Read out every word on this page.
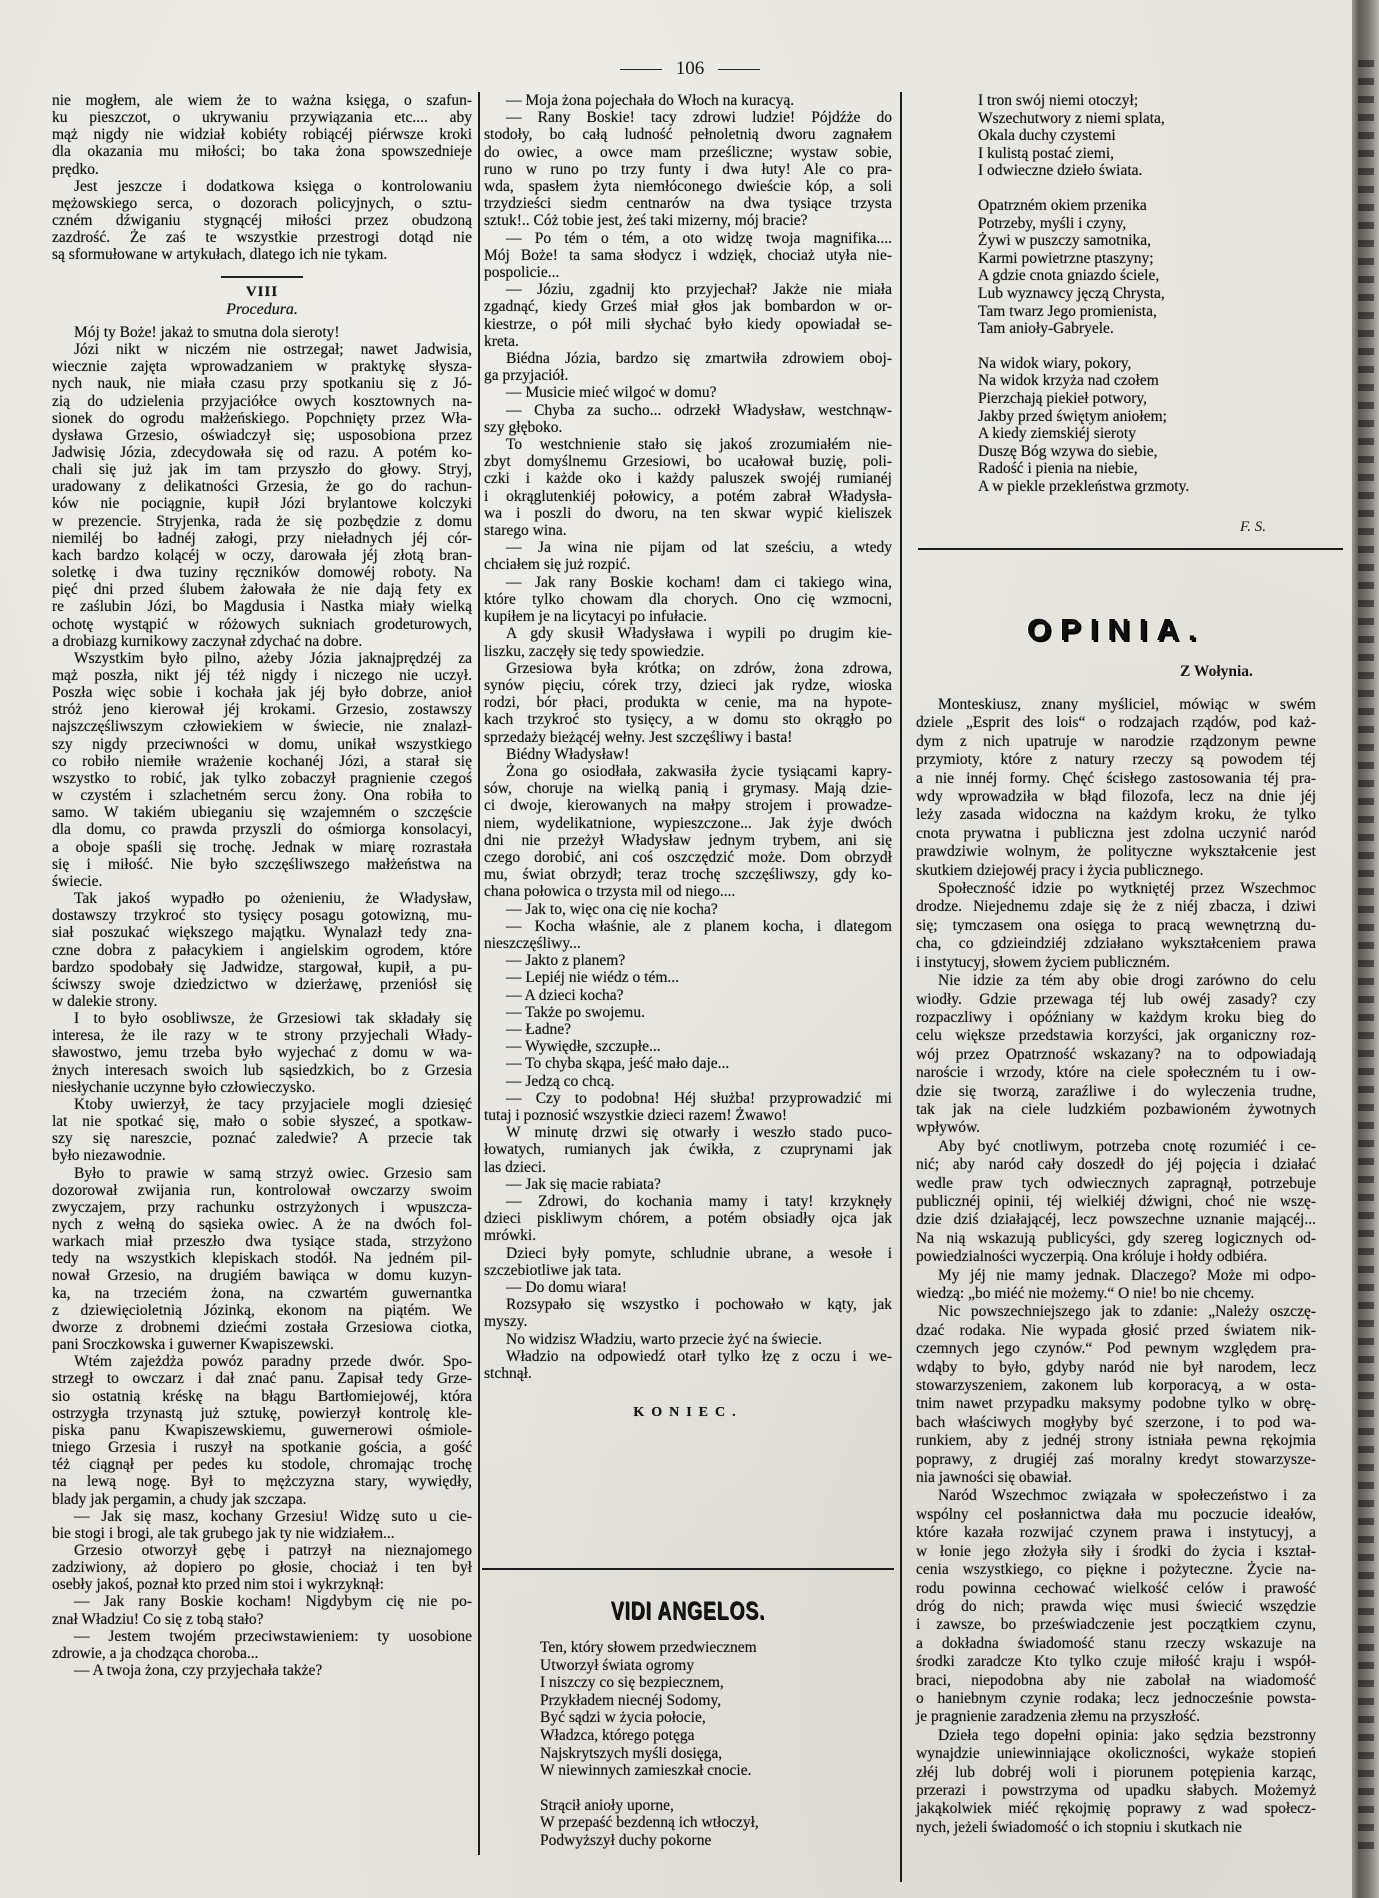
106
nie mogłem, ale wiem że to ważna księga, o szafun-
ku pieszczot, o ukrywaniu przywiązania etc.... aby
mąż nigdy nie widział kobiéty robiącéj piérwsze kroki
dla okazania mu miłości; bo taka żona spowszednieje
prędko.
Jest jeszcze i dodatkowa księga o kontrolowaniu
mężowskiego serca, o dozorach policyjnych, o sztu-
czném dźwiganiu stygnącéj miłości przez obudzoną
zazdrość. Że zaś te wszystkie przestrogi dotąd nie
są sformułowane w artykułach, dlatego ich nie tykam.
VIII
Procedura.
Mój ty Boże! jakaż to smutna dola sieroty!
Józi nikt w niczém nie ostrzegał; nawet Jadwisia,
wiecznie zajęta wprowadzaniem w praktykę słysza-
nych nauk, nie miała czasu przy spotkaniu się z Jó-
zią do udzielenia przyjaciółce owych kosztownych na-
sionek do ogrodu małżeńskiego. Popchnięty przez Wła-
dysława Grzesio, oświadczył się; usposobiona przez
Jadwisię Józia, zdecydowała się od razu. A potém ko-
chali się już jak im tam przyszło do głowy. Stryj,
uradowany z delikatności Grzesia, że go do rachun-
ków nie pociągnie, kupił Józi brylantowe kolczyki
w prezencie. Stryjenka, rada że się pozbędzie z domu
niemiléj bo ładnéj załogi, przy nieładnych jéj cór-
kach bardzo kolącéj w oczy, darowała jéj złotą bran-
soletkę i dwa tuziny ręczników domowéj roboty. Na
pięć dni przed ślubem żałowała że nie dają fety ex
re zaślubin Józi, bo Magdusia i Nastka miały wielką
ochotę wystąpić w różowych sukniach grodeturowych,
a drobiazg kurnikowy zaczynał zdychać na dobre.
Wszystkim było pilno, ażeby Józia jaknajprędzéj za
mąż poszła, nikt jéj téż nigdy i niczego nie uczył.
Poszła więc sobie i kochała jak jéj było dobrze, anioł
stróż jeno kierował jéj krokami. Grzesio, zostawszy
najszczęśliwszym człowiekiem w świecie, nie znalazł-
szy nigdy przeciwności w domu, unikał wszystkiego
co robiło niemiłe wrażenie kochanéj Józi, a starał się
wszystko to robić, jak tylko zobaczył pragnienie czegoś
w czystém i szlachetném sercu żony. Ona robiła to
samo. W takiém ubieganiu się wzajemném o szczęście
dla domu, co prawda przyszli do ośmiorga konsolacyi,
a oboje spaśli się trochę. Jednak w miarę rozrastała
się i miłość. Nie było szczęśliwszego małżeństwa na
świecie.
Tak jakoś wypadło po ożenieniu, że Władysław,
dostawszy trzykroć sto tysięcy posagu gotowizną, mu-
siał poszukać większego majątku. Wynalazł tedy zna-
czne dobra z pałacykiem i angielskim ogrodem, które
bardzo spodobały się Jadwidze, stargował, kupił, a pu-
ściwszy swoje dziedzictwo w dzierżawę, przeniósł się
w dalekie strony.
I to było osobliwsze, że Grzesiowi tak składały się
interesa, że ile razy w te strony przyjechali Włady-
sławostwo, jemu trzeba było wyjechać z domu w wa-
żnych interesach swoich lub sąsiedzkich, bo z Grzesia
niesłychanie uczynne było człowieczysko.
Ktoby uwierzył, że tacy przyjaciele mogli dziesięć
lat nie spotkać się, mało o sobie słyszeć, a spotkaw-
szy się nareszcie, poznać zaledwie? A przecie tak
było niezawodnie.
Było to prawie w samą strzyż owiec. Grzesio sam
dozorował zwijania run, kontrolował owczarzy swoim
zwyczajem, przy rachunku ostrzyżonych i wpuszcza-
nych z wełną do sąsieka owiec. A że na dwóch fol-
warkach miał przeszło dwa tysiące stada, strzyżono
tedy na wszystkich klepiskach stodół. Na jedném pil-
nował Grzesio, na drugiém bawiąca w domu kuzyn-
ka, na trzeciém żona, na czwartém guwernantka
z dziewięcioletnią Józinką, ekonom na piątém. We
dworze z drobnemi dziećmi została Grzesiowa ciotka,
pani Sroczkowska i guwerner Kwapiszewski.
Wtém zajeżdża powóz paradny przede dwór. Spo-
strzegł to owczarz i dał znać panu. Zapisał tedy Grze-
sio ostatnią kréskę na błągu Bartłomiejowéj, która
ostrzygła trzynastą już sztukę, powierzył kontrolę kle-
piska panu Kwapiszewskiemu, guwernerowi ośmiole-
tniego Grzesia i ruszył na spotkanie gościa, a gość
téż ciągnął per pedes ku stodole, chromając trochę
na lewą nogę. Był to mężczyzna stary, wywiędły,
blady jak pergamin, a chudy jak szczapa.
— Jak się masz, kochany Grzesiu! Widzę suto u cie-
bie stogi i brogi, ale tak grubego jak ty nie widziałem...
Grzesio otworzył gębę i patrzył na nieznajomego
zadziwiony, aż dopiero po głosie, chociaż i ten był
osebły jakoś, poznał kto przed nim stoi i wykrzyknął:
— Jak rany Boskie kocham! Nigdybym cię nie po-
znał Władziu! Co się z tobą stało?
— Jestem twojém przeciwstawieniem: ty uosobione
zdrowie, a ja chodząca choroba...
— A twoja żona, czy przyjechała także?
— Moja żona pojechała do Włoch na kuracyą.
— Rany Boskie! tacy zdrowi ludzie! Pójdźże do
stodoły, bo całą ludność pełnoletnią dworu zagnałem
do owiec, a owce mam prześliczne; wystaw sobie,
runo w runo po trzy funty i dwa łuty! Ale co pra-
wda, spasłem żyta niemłóconego dwieście kóp, a soli
trzydzieści siedm centnarów na dwa tysiące trzysta
sztuk!.. Cóż tobie jest, żeś taki mizerny, mój bracie?
— Po tém o tém, a oto widzę twoja magnifika....
Mój Boże! ta sama słodycz i wdzięk, chociaż utyła nie-
pospolicie...
— Józiu, zgadnij kto przyjechał? Jakże nie miała
zgadnąć, kiedy Grześ miał głos jak bombardon w or-
kiestrze, o pół mili słychać było kiedy opowiadał se-
kreta.
Biédna Józia, bardzo się zmartwiła zdrowiem oboj-
ga przyjaciół.
— Musicie mieć wilgoć w domu?
— Chyba za sucho... odrzekł Władysław, westchnąw-
szy głęboko.
To westchnienie stało się jakoś zrozumiałém nie-
zbyt domyślnemu Grzesiowi, bo ucałował buzię, poli-
czki i każde oko i każdy paluszek swojéj rumianéj
i okrąglutenkiéj połowicy, a potém zabrał Władysła-
wa i poszli do dworu, na ten skwar wypić kieliszek
starego wina.
— Ja wina nie pijam od lat sześciu, a wtedy
chciałem się już rozpić.
— Jak rany Boskie kocham! dam ci takiego wina,
które tylko chowam dla chorych. Ono cię wzmocni,
kupiłem je na licytacyi po infułacie.
A gdy skusił Władysława i wypili po drugim kie-
liszku, zaczęły się tedy spowiedzie.
Grzesiowa była krótka; on zdrów, żona zdrowa,
synów pięciu, córek trzy, dzieci jak rydze, wioska
rodzi, bór płaci, produkta w cenie, ma na hypote-
kach trzykroć sto tysięcy, a w domu sto okrągło po
sprzedaży bieżącéj wełny. Jest szczęśliwy i basta!
Biédny Władysław!
Żona go osiodłała, zakwasiła życie tysiącami kapry-
sów, choruje na wielką panią i grymasy. Mają dzie-
ci dwoje, kierowanych na małpy strojem i prowadze-
niem, wydelikatnione, wypieszczone... Jak żyje dwóch
dni nie przeżył Władysław jednym trybem, ani się
czego dorobić, ani coś oszczędzić może. Dom obrzydł
mu, świat obrzydł; teraz trochę szczęśliwszy, gdy ko-
chana połowica o trzysta mil od niego....
— Jak to, więc ona cię nie kocha?
— Kocha właśnie, ale z planem kocha, i dlategom
nieszczęśliwy...
— Jakto z planem?
— Lepiéj nie wiédz o tém...
— A dzieci kocha?
— Także po swojemu.
— Ładne?
— Wywiędłe, szczupłe...
— To chyba skąpa, jeść mało daje...
— Jedzą co chcą.
— Czy to podobna! Héj służba! przyprowadzić mi
tutaj i poznosić wszystkie dzieci razem! Żwawo!
W minutę drzwi się otwarły i weszło stado puco-
łowatych, rumianych jak ćwikła, z czuprynami jak
las dzieci.
— Jak się macie rabiata?
— Zdrowi, do kochania mamy i taty! krzyknęły
dzieci piskliwym chórem, a potém obsiadły ojca jak
mrówki.
Dzieci były pomyte, schludnie ubrane, a wesołe i
szczebiotliwe jak tata.
— Do domu wiara!
Rozsypało się wszystko i pochowało w kąty, jak
myszy.
No widzisz Władziu, warto przecie żyć na świecie.
Władzio na odpowiedź otarł tylko łzę z oczu i we-
stchnął.
KONIEC.
VIDI ANGELOS.
Ten, który słowem przedwiecznem
Utworzył świata ogromy
I niszczy co się bezpiecznem,
Przykładem niecnéj Sodomy,
Być sądzi w życia połocie,
Władzca, którego potęga
Najskrytszych myśli dosięga,
W niewinnych zamieszkał cnocie.
Strącił anioły uporne,
W przepaść bezdenną ich wtłoczył,
Podwyższył duchy pokorne
I tron swój niemi otoczył;
Wszechutwory z niemi splata,
Okala duchy czystemi
I kulistą postać ziemi,
I odwieczne dzieło świata.
Opatrzném okiem przenika
Potrzeby, myśli i czyny,
Żywi w puszczy samotnika,
Karmi powietrzne ptaszyny;
A gdzie cnota gniazdo ściele,
Lub wyznawcy jęczą Chrysta,
Tam twarz Jego promienista,
Tam anioły-Gabryele.
Na widok wiary, pokory,
Na widok krzyża nad czołem
Pierzchają piekieł potwory,
Jakby przed świętym aniołem;
A kiedy ziemskiéj sieroty
Duszę Bóg wzywa do siebie,
Radość i pienia na niebie,
A w piekle przekleństwa grzmoty.
F. S.
OPINIA.
Z Wołynia.
Monteskiusz, znany myśliciel, mówiąc w swém
dziele „Esprit des lois“ o rodzajach rządów, pod każ-
dym z nich upatruje w narodzie rządzonym pewne
przymioty, które z natury rzeczy są powodem téj
a nie innéj formy. Chęć ścisłego zastosowania téj pra-
wdy wprowadziła w błąd filozofa, lecz na dnie jéj
leży zasada widoczna na każdym kroku, że tylko
cnota prywatna i publiczna jest zdolna uczynić naród
prawdziwie wolnym, że polityczne wykształcenie jest
skutkiem dziejowéj pracy i życia publicznego.
Społeczność idzie po wytkniętéj przez Wszechmoc
drodze. Niejednemu zdaje się że z niéj zbacza, i dziwi
się; tymczasem ona osięga to pracą wewnętrzną du-
cha, co gdzieindziéj zdziałano wykształceniem prawa
i instytucyj, słowem życiem publiczném.
Nie idzie za tém aby obie drogi zarówno do celu
wiodły. Gdzie przewaga téj lub owéj zasady? czy
rozpaczliwy i opóźniany w każdym kroku bieg do
celu większe przedstawia korzyści, jak organiczny roz-
wój przez Opatrzność wskazany? na to odpowiadają
naroście i wrzody, które na ciele społeczném tu i ow-
dzie się tworzą, zaraźliwe i do wyleczenia trudne,
tak jak na ciele ludzkiém pozbawioném żywotnych
wpływów.
Aby być cnotliwym, potrzeba cnotę rozumiéć i ce-
nić; aby naród cały doszedł do jéj pojęcia i działać
wedle praw tych odwiecznych zapragnął, potrzebuje
publicznéj opinii, téj wielkiéj dźwigni, choć nie wszę-
dzie dziś działającéj, lecz powszechne uznanie mającéj...
Na nią wskazują publicyści, gdy szereg logicznych od-
powiedzialności wyczerpią. Ona króluje i hołdy odbiéra.
My jéj nie mamy jednak. Dlaczego? Może mi odpo-
wiedzą: „bo miéć nie możemy.“ O nie! bo nie chcemy.
Nic powszechniejszego jak to zdanie: „Należy oszczę-
dzać rodaka. Nie wypada głosić przed światem nik-
czemnych jego czynów.“ Pod pewnym względem pra-
wdąby to było, gdyby naród nie był narodem, lecz
stowarzyszeniem, zakonem lub korporacyą, a w osta-
tnim nawet przypadku maksymy podobne tylko w obrę-
bach właściwych mogłyby być szerzone, i to pod wa-
runkiem, aby z jednéj strony istniała pewna rękojmia
poprawy, z drugiéj zaś moralny kredyt stowarzysze-
nia jawności się obawiał.
Naród Wszechmoc związała w społeczeństwo i za
wspólny cel posłannictwa dała mu poczucie ideałów,
które kazała rozwijać czynem prawa i instytucyj, a
w łonie jego złożyła siły i środki do życia i kształ-
cenia wszystkiego, co piękne i pożyteczne. Życie na-
rodu powinna cechować wielkość celów i prawość
dróg do nich; prawda więc musi świecić wszędzie
i zawsze, bo przeświadczenie jest początkiem czynu,
a dokładna świadomość stanu rzeczy wskazuje na
środki zaradcze Kto tylko czuje miłość kraju i współ-
braci, niepodobna aby nie zabolał na wiadomość
o haniebnym czynie rodaka; lecz jednocześnie powsta-
je pragnienie zaradzenia złemu na przyszłość.
Dzieła tego dopełni opinia: jako sędzia bezstronny
wynajdzie uniewinniające okoliczności, wykaże stopień
złéj lub dobréj woli i piorunem potępienia karząc,
przerazi i powstrzyma od upadku słabych. Możemyż
jakąkolwiek miéć rękojmię poprawy z wad społecz-
nych, jeżeli świadomość o ich stopniu i skutkach nie
